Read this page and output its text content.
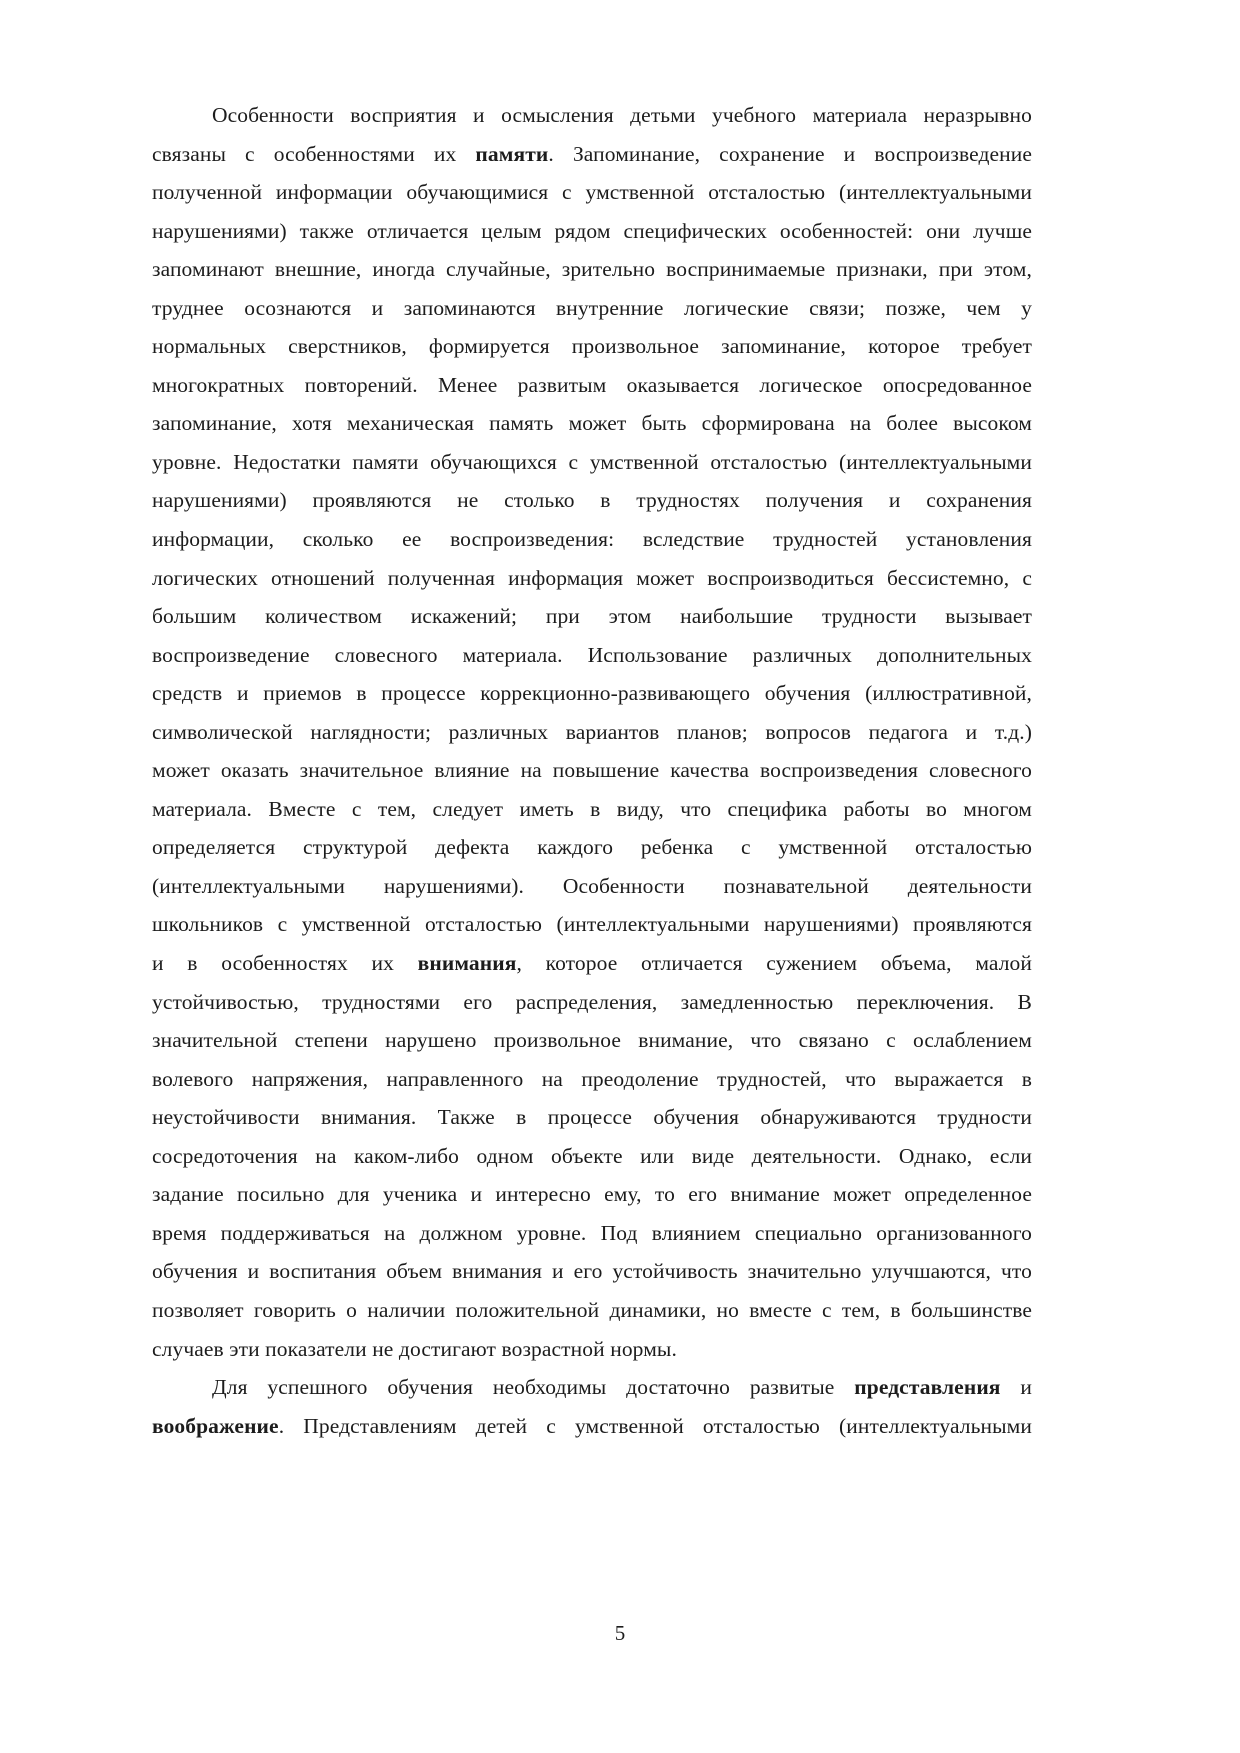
Особенности восприятия и осмысления детьми учебного материала неразрывно
связаны с особенностями их памяти. Запоминание, сохранение и воспроизведение
полученной информации обучающимися с умственной отсталостью (интеллектуальными
нарушениями) также отличается целым рядом специфических особенностей: они лучше
запоминают внешние, иногда случайные, зрительно воспринимаемые признаки, при этом,
труднее осознаются и запоминаются внутренние логические связи; позже, чем у
нормальных сверстников, формируется произвольное запоминание, которое требует
многократных повторений. Менее развитым оказывается логическое опосредованное
запоминание, хотя механическая память может быть сформирована на более высоком
уровне. Недостатки памяти обучающихся с умственной отсталостью (интеллектуальными
нарушениями) проявляются не столько в трудностях получения и сохранения
информации, сколько ее воспроизведения: вследствие трудностей установления
логических отношений полученная информация может воспроизводиться бессистемно, с
большим количеством искажений; при этом наибольшие трудности вызывает
воспроизведение словесного материала. Использование различных дополнительных
средств и приемов в процессе коррекционно-развивающего обучения (иллюстративной,
символической наглядности; различных вариантов планов; вопросов педагога и т.д.)
может оказать значительное влияние на повышение качества воспроизведения словесного
материала. Вместе с тем, следует иметь в виду, что специфика работы во многом
определяется структурой дефекта каждого ребенка с умственной отсталостью
(интеллектуальными нарушениями). Особенности познавательной деятельности
школьников с умственной отсталостью (интеллектуальными нарушениями) проявляются
и в особенностях их внимания, которое отличается сужением объема, малой
устойчивостью, трудностями его распределения, замедленностью переключения. В
значительной степени нарушено произвольное внимание, что связано с ослаблением
волевого напряжения, направленного на преодоление трудностей, что выражается в
неустойчивости внимания. Также в процессе обучения обнаруживаются трудности
сосредоточения на каком-либо одном объекте или виде деятельности. Однако, если
задание посильно для ученика и интересно ему, то его внимание может определенное
время поддерживаться на должном уровне. Под влиянием специально организованного
обучения и воспитания объем внимания и его устойчивость значительно улучшаются, что
позволяет говорить о наличии положительной динамики, но вместе с тем, в большинстве
случаев эти показатели не достигают возрастной нормы.
Для успешного обучения необходимы достаточно развитые представления и
воображение. Представлениям детей с умственной отсталостью (интеллектуальными
5
